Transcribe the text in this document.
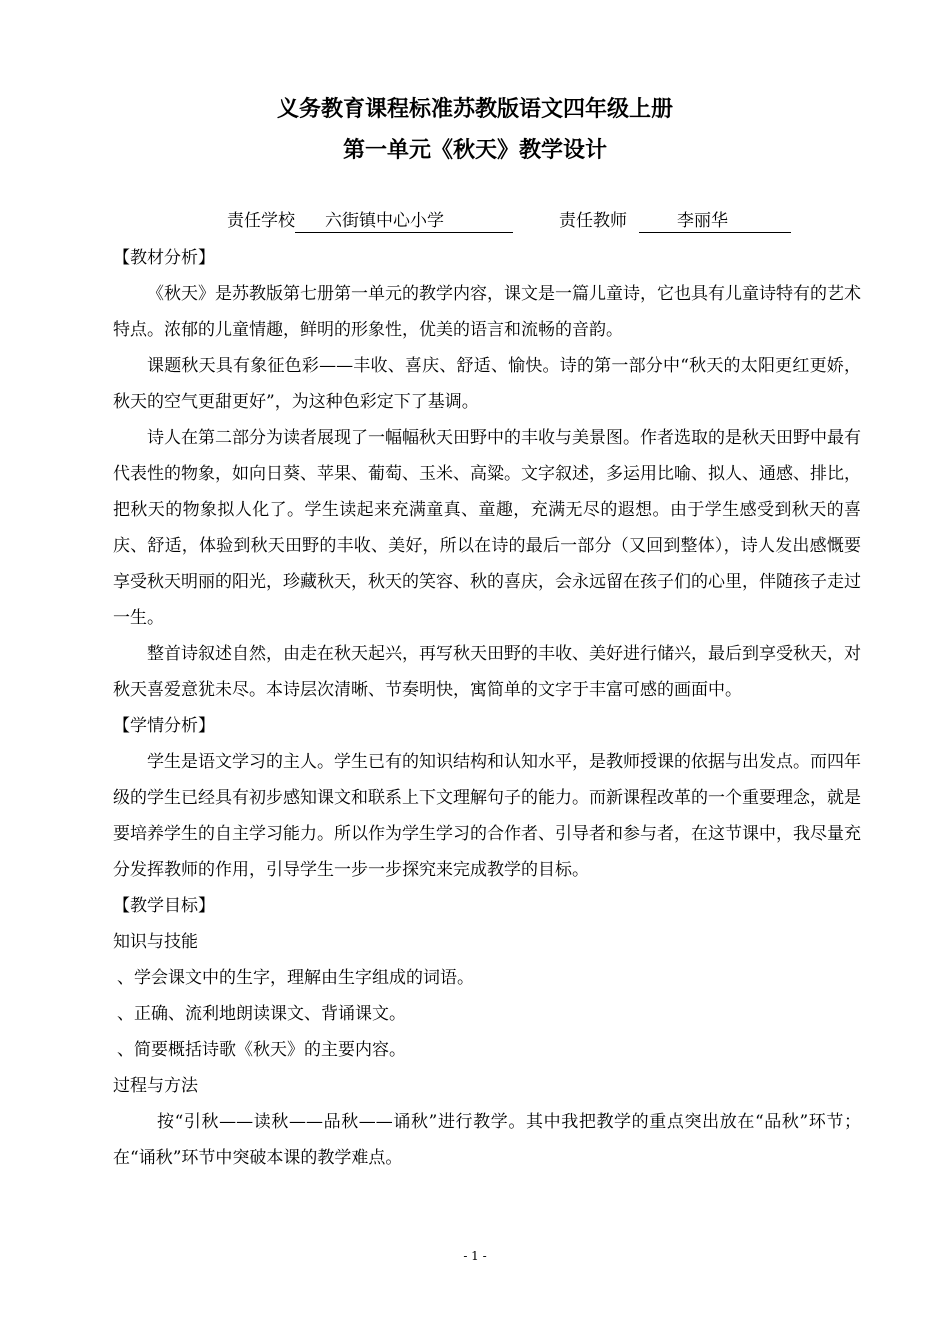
义务教育课程标准苏教版语文四年级上册
第一单元《秋天》教学设计
责任学校 六街镇中心小学	责任教师	李丽华

【教材分析】

《秋天》是苏教版第七册第一单元的教学内容，课文是一篇儿童诗，它也具有儿童诗特有的艺术特点。浓郁的儿童情趣，鲜明的形象性，优美的语言和流畅的音韵。

课题秋天具有象征色彩——丰收、喜庆、舒适、愉快。诗的第一部分中“秋天的太阳更红更娇，秋天的空气更甜更好”，为这种色彩定下了基调。

诗人在第二部分为读者展现了一幅幅秋天田野中的丰收与美景图。作者选取的是秋天田野中最有代表性的物象，如向日葵、苹果、葡萄、玉米、高粱。文字叙述，多运用比喻、拟人、通感、排比，把秋天的物象拟人化了。学生读起来充满童真、童趣，充满无尽的遐想。由于学生感受到秋天的喜庆、舒适，体验到秋天田野的丰收、美好，所以在诗的最后一部分（又回到整体），诗人发出感慨要享受秋天明丽的阳光，珍藏秋天，秋天的笑容、秋的喜庆，会永远留在孩子们的心里，伴随孩子走过一生。

整首诗叙述自然，由走在秋天起兴，再写秋天田野的丰收、美好进行储兴，最后到享受秋天，对秋天喜爱意犹未尽。本诗层次清晰、节奏明快，寓简单的文字于丰富可感的画面中。

【学情分析】

学生是语文学习的主人。学生已有的知识结构和认知水平，是教师授课的依据与出发点。而四年级的学生已经具有初步感知课文和联系上下文理解句子的能力。而新课程改革的一个重要理念，就是要培养学生的自主学习能力。所以作为学生学习的合作者、引导者和参与者，在这节课中，我尽量充分发挥教师的作用，引导学生一步一步探究来完成教学的目标。

【教学目标】

知识与技能

、学会课文中的生字，理解由生字组成的词语。

、正确、流利地朗读课文、背诵课文。

、简要概括诗歌《秋天》的主要内容。

过程与方法

按“引秋——读秋——品秋——诵秋”进行教学。其中我把教学的重点突出放在“品秋”环节；在“诵秋”环节中突破本课的教学难点。

- 1 -
